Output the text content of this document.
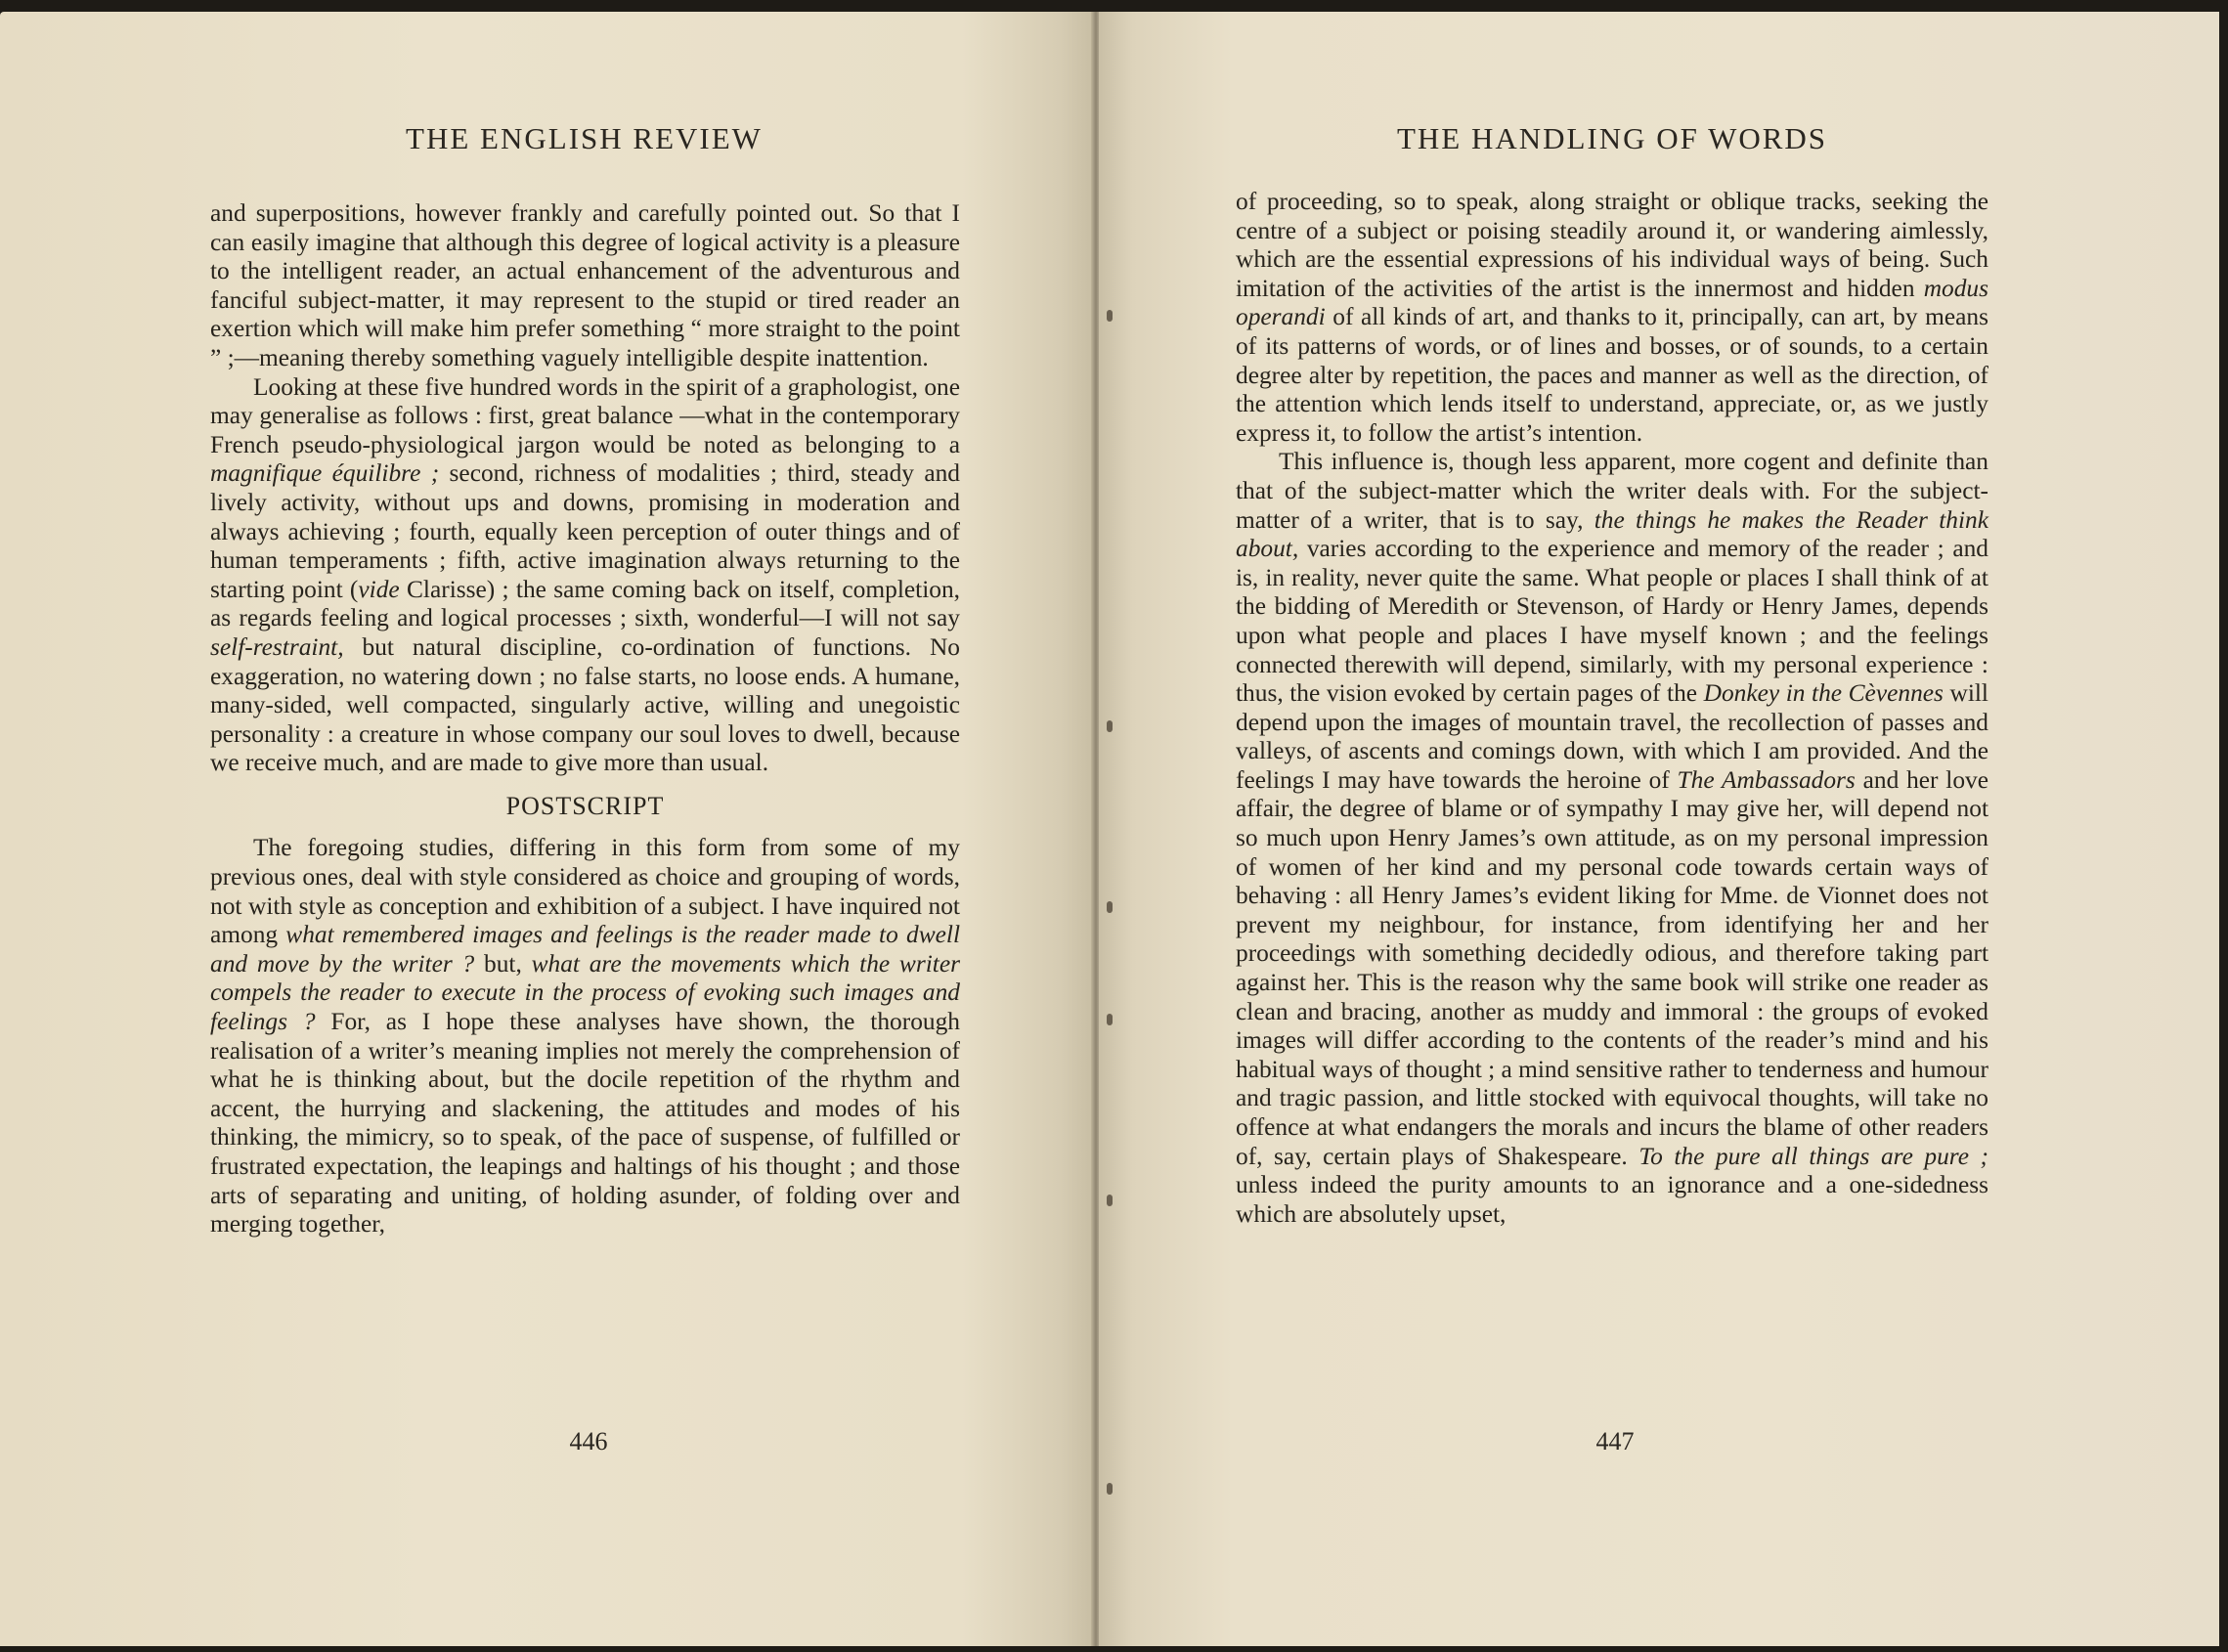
THE ENGLISH REVIEW

and superpositions, however frankly and carefully pointed out. So that I can easily imagine that although this degree of logical activity is a pleasure to the intelligent reader, an actual enhancement of the adventurous and fanciful subject-matter, it may represent to the stupid or tired reader an exertion which will make him prefer something “ more straight to the point ” ;—meaning thereby something vaguely intelligible despite inattention.

Looking at these five hundred words in the spirit of a graphologist, one may generalise as follows : first, great balance —what in the contemporary French pseudo-physiological jargon would be noted as belonging to a magnifique équilibre ; second, richness of modalities ; third, steady and lively activity, without ups and downs, promising in moderation and always achieving ; fourth, equally keen perception of outer things and of human temperaments ; fifth, active imagination always returning to the starting point (vide Clarisse) ; the same coming back on itself, completion, as regards feeling and logical processes ; sixth, wonderful—I will not say self-restraint, but natural discipline, co-ordination of functions. No exaggeration, no watering down ; no false starts, no loose ends. A humane, many-sided, well compacted, singularly active, willing and unegoistic personality : a creature in whose company our soul loves to dwell, because we receive much, and are made to give more than usual.

POSTSCRIPT

The foregoing studies, differing in this form from some of my previous ones, deal with style considered as choice and grouping of words, not with style as conception and exhibition of a subject. I have inquired not among what remembered images and feelings is the reader made to dwell and move by the writer ? but, what are the movements which the writer compels the reader to execute in the process of evoking such images and feelings ? For, as I hope these analyses have shown, the thorough realisation of a writer’s meaning implies not merely the comprehension of what he is thinking about, but the docile repetition of the rhythm and accent, the hurrying and slackening, the attitudes and modes of his thinking, the mimicry, so to speak, of the pace of suspense, of fulfilled or frustrated expectation, the leapings and haltings of his thought ; and those arts of separating and uniting, of holding asunder, of folding over and merging together,

446
THE HANDLING OF WORDS

of proceeding, so to speak, along straight or oblique tracks, seeking the centre of a subject or poising steadily around it, or wandering aimlessly, which are the essential expressions of his individual ways of being. Such imitation of the activities of the artist is the innermost and hidden modus operandi of all kinds of art, and thanks to it, principally, can art, by means of its patterns of words, or of lines and bosses, or of sounds, to a certain degree alter by repetition, the paces and manner as well as the direction, of the attention which lends itself to understand, appreciate, or, as we justly express it, to follow the artist’s intention.

This influence is, though less apparent, more cogent and definite than that of the subject-matter which the writer deals with. For the subject-matter of a writer, that is to say, the things he makes the Reader think about, varies according to the experience and memory of the reader ; and is, in reality, never quite the same. What people or places I shall think of at the bidding of Meredith or Stevenson, of Hardy or Henry James, depends upon what people and places I have myself known ; and the feelings connected therewith will depend, similarly, with my personal experience : thus, the vision evoked by certain pages of the Donkey in the Cèvennes will depend upon the images of mountain travel, the recollection of passes and valleys, of ascents and comings down, with which I am provided. And the feelings I may have towards the heroine of The Ambassadors and her love affair, the degree of blame or of sympathy I may give her, will depend not so much upon Henry James’s own attitude, as on my personal impression of women of her kind and my personal code towards certain ways of behaving : all Henry James’s evident liking for Mme. de Vionnet does not prevent my neighbour, for instance, from identifying her and her proceedings with something decidedly odious, and therefore taking part against her. This is the reason why the same book will strike one reader as clean and bracing, another as muddy and immoral : the groups of evoked images will differ according to the contents of the reader’s mind and his habitual ways of thought ; a mind sensitive rather to tenderness and humour and tragic passion, and little stocked with equivocal thoughts, will take no offence at what endangers the morals and incurs the blame of other readers of, say, certain plays of Shakespeare. To the pure all things are pure ; unless indeed the purity amounts to an ignorance and a one-sidedness which are absolutely upset,

447
